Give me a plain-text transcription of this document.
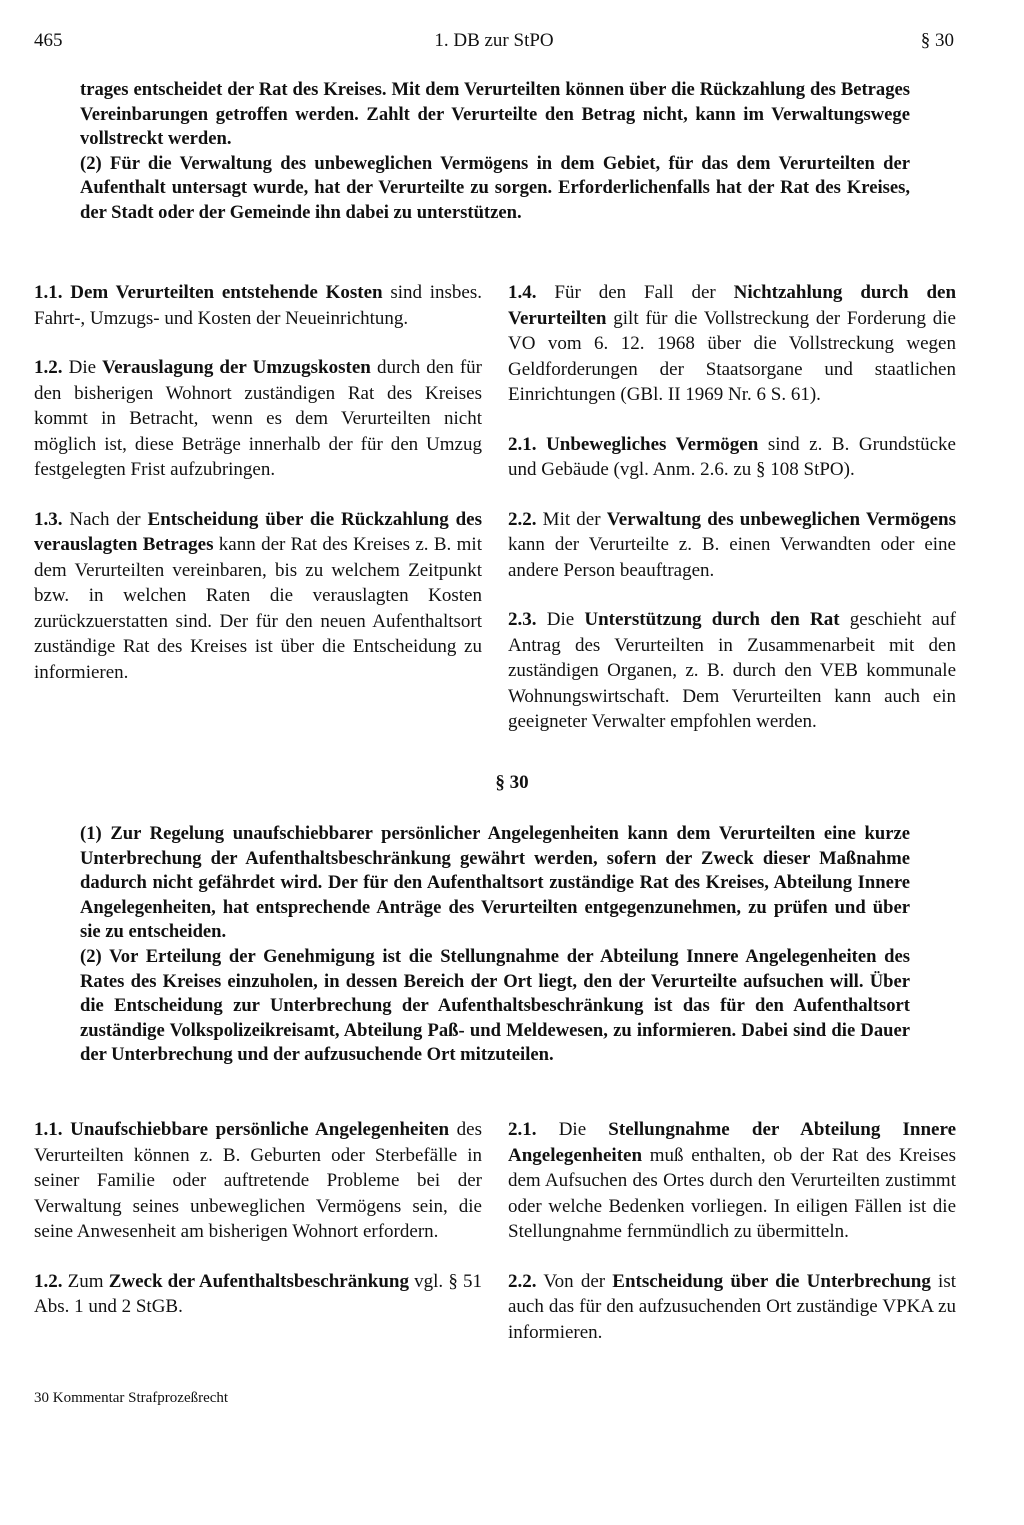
465	1. DB zur StPO	§ 30

trages entscheidet der Rat des Kreises. Mit dem Verurteilten können über die Rückzahlung des Betrages Vereinbarungen getroffen werden. Zahlt der Verurteilte den Betrag nicht, kann im Verwaltungswege vollstreckt werden.

(2) Für die Verwaltung des unbeweglichen Vermögens in dem Gebiet, für das dem Verurteilten der Aufenthalt untersagt wurde, hat der Verurteilte zu sorgen. Erforderlichenfalls hat der Rat des Kreises, der Stadt oder der Gemeinde ihn dabei zu unterstützen.

1.1. Dem Verurteilten entstehende Kosten sind insbes. Fahrt-, Umzugs- und Kosten der Neueinrichtung.

1.2. Die Verauslagung der Umzugskosten durch den für den bisherigen Wohnort zuständigen Rat des Kreises kommt in Betracht, wenn es dem Verurteilten nicht möglich ist, diese Beträge innerhalb der für den Umzug festgelegten Frist aufzubringen.

1.3. Nach der Entscheidung über die Rückzahlung des verauslagten Betrages kann der Rat des Kreises z. B. mit dem Verurteilten vereinbaren, bis zu welchem Zeitpunkt bzw. in welchen Raten die verauslagten Kosten zurückzuerstatten sind. Der für den neuen Aufenthaltsort zuständige Rat des Kreises ist über die Entscheidung zu informieren.

1.4. Für den Fall der Nichtzahlung durch den Verurteilten gilt für die Vollstreckung der Forderung die VO vom 6. 12. 1968 über die Vollstreckung wegen Geldforderungen der Staatsorgane und staatlichen Einrichtungen (GBl. II 1969 Nr. 6 S. 61).

2.1. Unbewegliches Vermögen sind z. B. Grundstücke und Gebäude (vgl. Anm. 2.6. zu § 108 StPO).

2.2. Mit der Verwaltung des unbeweglichen Vermögens kann der Verurteilte z. B. einen Verwandten oder eine andere Person beauftragen.

2.3. Die Unterstützung durch den Rat geschieht auf Antrag des Verurteilten in Zusammenarbeit mit den zuständigen Organen, z. B. durch den VEB kommunale Wohnungswirtschaft. Dem Verurteilten kann auch ein geeigneter Verwalter empfohlen werden.

§ 30

(1) Zur Regelung unaufschiebbarer persönlicher Angelegenheiten kann dem Verurteilten eine kurze Unterbrechung der Aufenthaltsbeschränkung gewährt werden, sofern der Zweck dieser Maßnahme dadurch nicht gefährdet wird. Der für den Aufenthaltsort zuständige Rat des Kreises, Abteilung Innere Angelegenheiten, hat entsprechende Anträge des Verurteilten entgegenzunehmen, zu prüfen und über sie zu entscheiden.

(2) Vor Erteilung der Genehmigung ist die Stellungnahme der Abteilung Innere Angelegenheiten des Rates des Kreises einzuholen, in dessen Bereich der Ort liegt, den der Verurteilte aufsuchen will. Über die Entscheidung zur Unterbrechung der Aufenthaltsbeschränkung ist das für den Aufenthaltsort zuständige Volkspolizeikreisamt, Abteilung Paß- und Meldewesen, zu informieren. Dabei sind die Dauer der Unterbrechung und der aufzusuchende Ort mitzuteilen.

1.1. Unaufschiebbare persönliche Angelegenheiten des Verurteilten können z. B. Geburten oder Sterbefälle in seiner Familie oder auftretende Probleme bei der Verwaltung seines unbeweglichen Vermögens sein, die seine Anwesenheit am bisherigen Wohnort erfordern.

1.2. Zum Zweck der Aufenthaltsbeschränkung vgl. § 51 Abs. 1 und 2 StGB.

2.1. Die Stellungnahme der Abteilung Innere Angelegenheiten muß enthalten, ob der Rat des Kreises dem Aufsuchen des Ortes durch den Verurteilten zustimmt oder welche Bedenken vorliegen. In eiligen Fällen ist die Stellungnahme fernmündlich zu übermitteln.

2.2. Von der Entscheidung über die Unterbrechung ist auch das für den aufzusuchenden Ort zuständige VPKA zu informieren.

30 Kommentar Strafprozeßrecht
